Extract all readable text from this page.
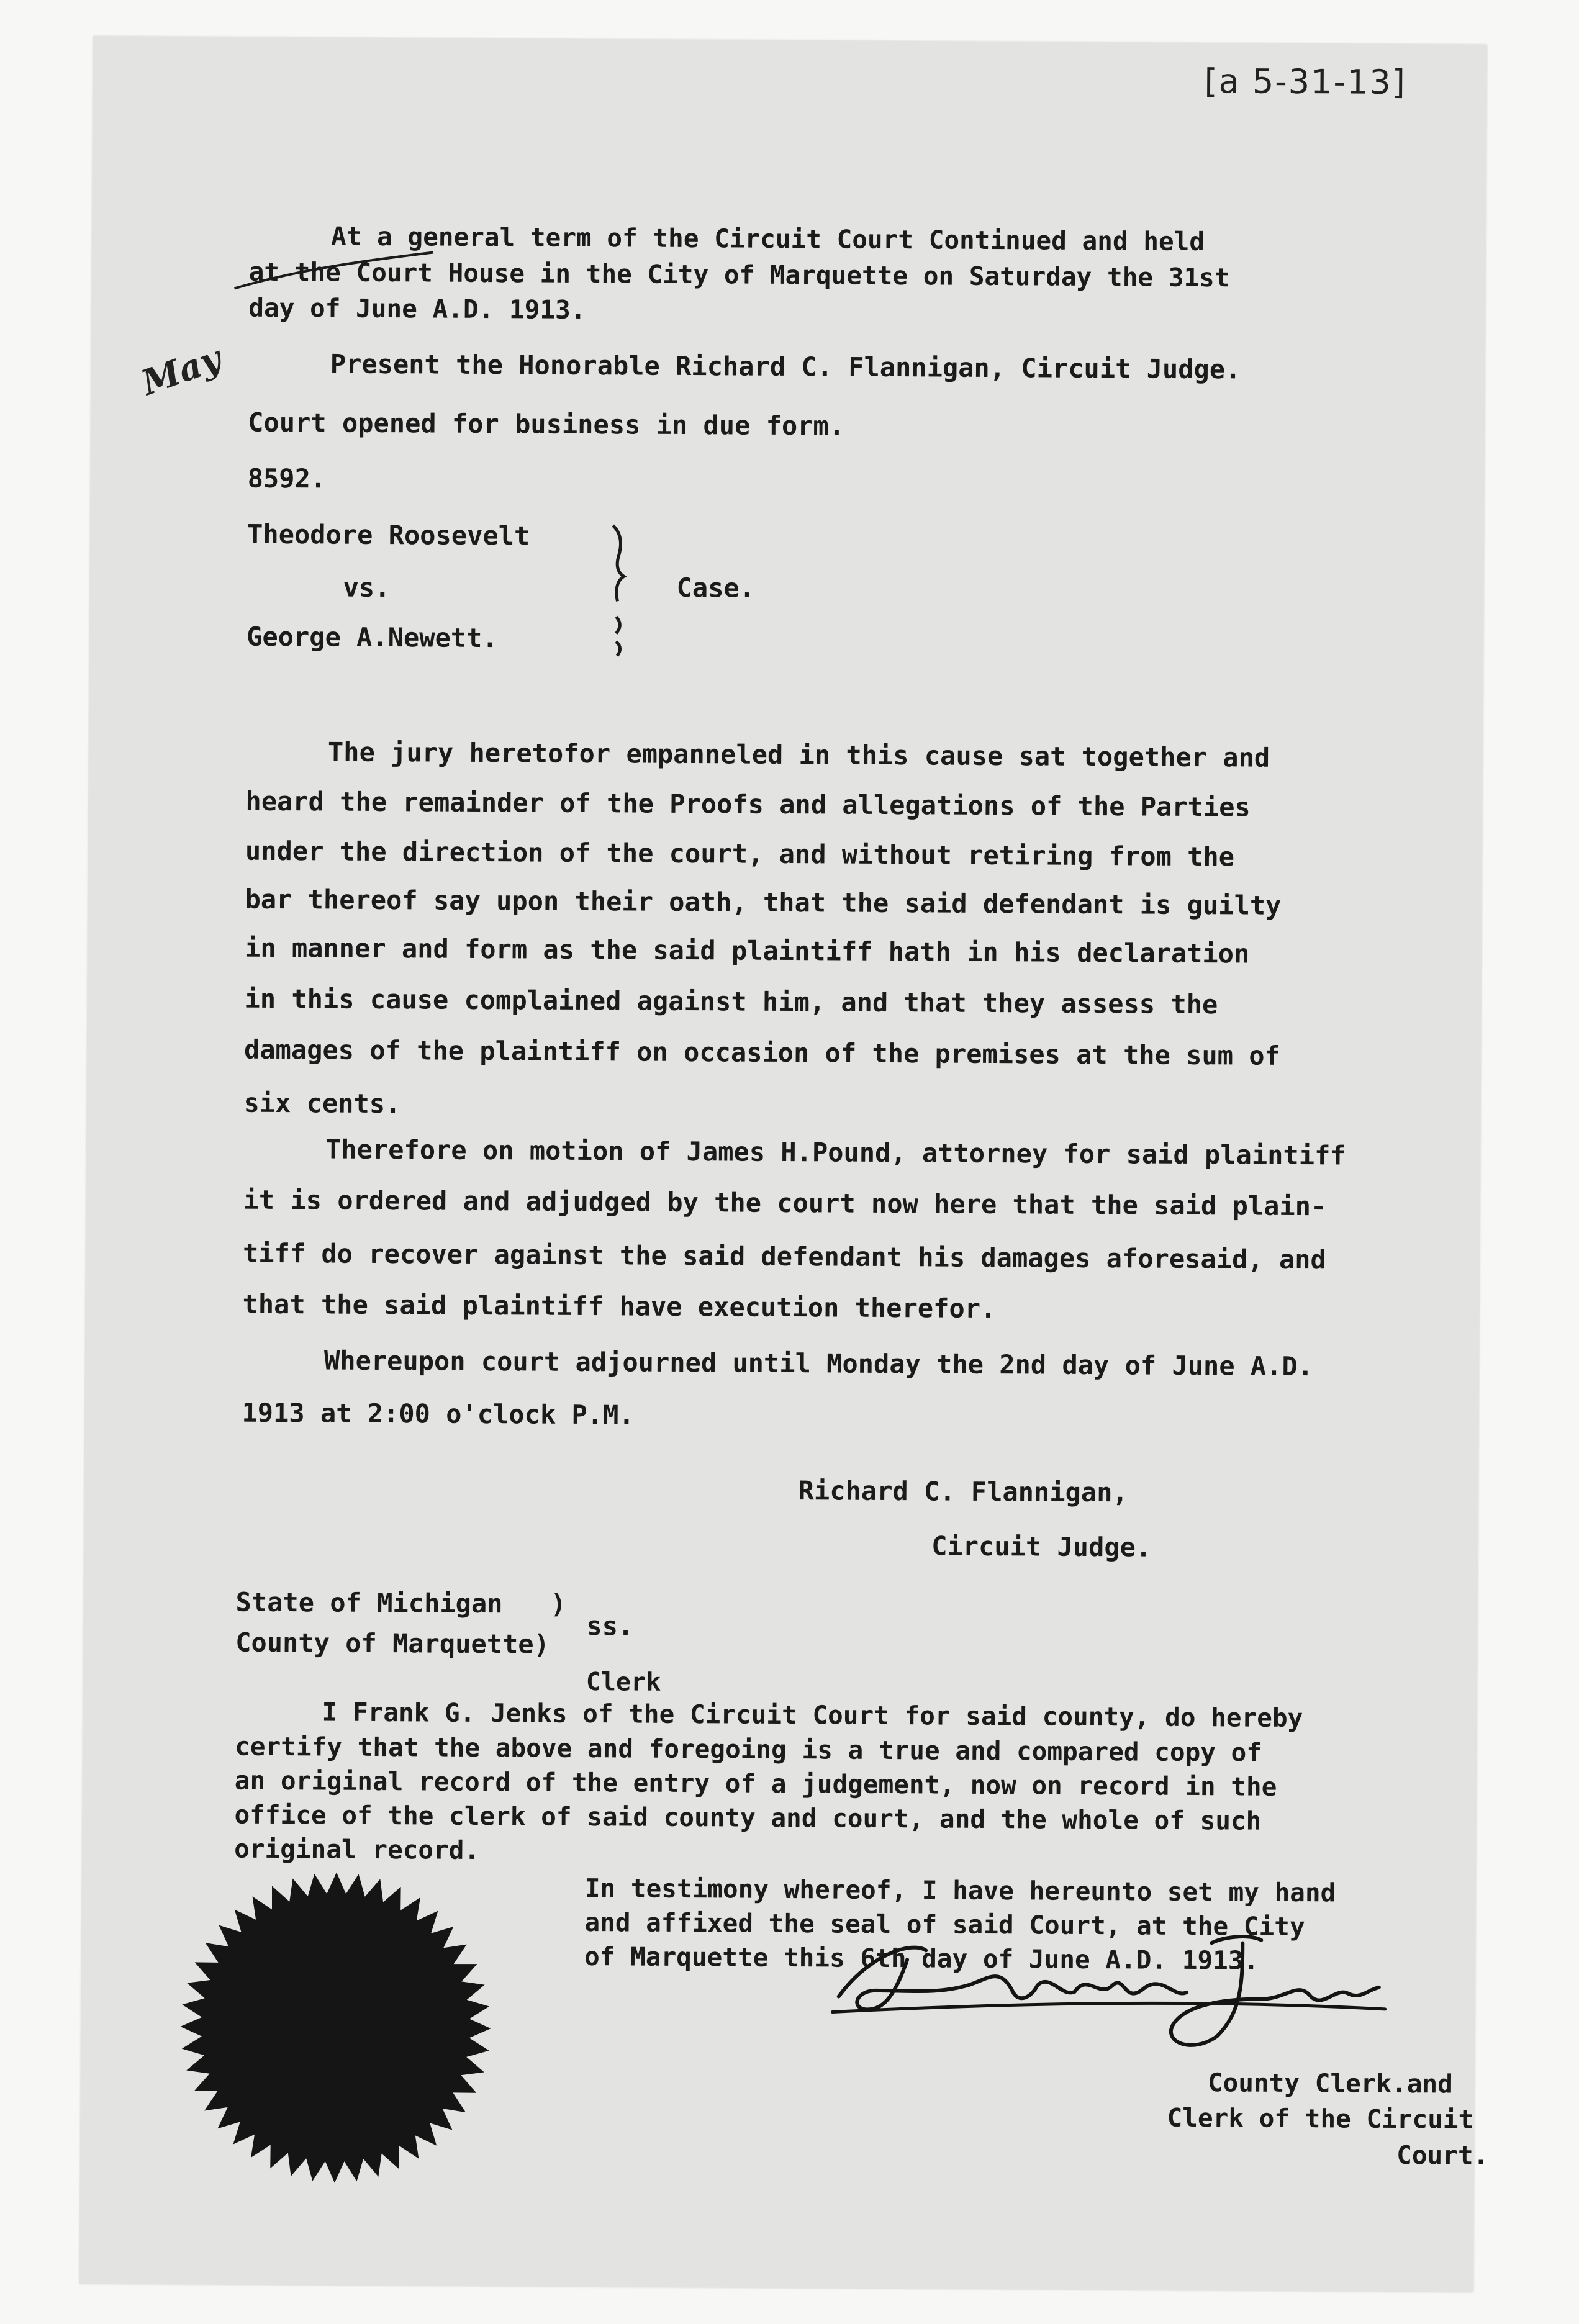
[a 5-31-13]
At a general term of the Circuit Court Continued and held
at the Court House in the City of Marquette on Saturday the 31st
day of June A.D. 1913.
May	Present the Honorable Richard C. Flannigan, Circuit Judge.
Court opened for business in due form.
8592.
Theodore Roosevelt
vs.
George A.Newett.
Case.
The jury heretofor empanneled in this cause sat together and
heard the remainder of the Proofs and allegations of the Parties
under the direction of the court, and without retiring from the
bar thereof say upon their oath, that the said defendant is guilty
in manner and form as the said plaintiff hath in his declaration
in this cause complained against him, and that they assess the
damages of the plaintiff on occasion of the premises at the sum of
six cents.
Therefore on motion of James H.Pound, attorney for said plaintiff
it is ordered and adjudged by the court now here that the said plain-
tiff do recover against the said defendant his damages aforesaid, and
that the said plaintiff have execution therefor.
Whereupon court adjourned until Monday the 2nd day of June A.D.
1913 at 2:00 o'clock P.M.
Richard C. Flannigan,
Circuit Judge.
State of Michigan )
County of Marquette)
ss.
Clerk
I Frank G. Jenks of the Circuit Court for said county, do hereby
certify that the above and foregoing is a true and compared copy of
an original record of the entry of a judgement, now on record in the
office of the clerk of said county and court, and the whole of such
original record.
In testimony whereof, I have hereunto set my hand
and affixed the seal of said Court, at the City
of Marquette this 6th day of June A.D. 1913.
County Clerk.and
Clerk of the Circuit
Court.
